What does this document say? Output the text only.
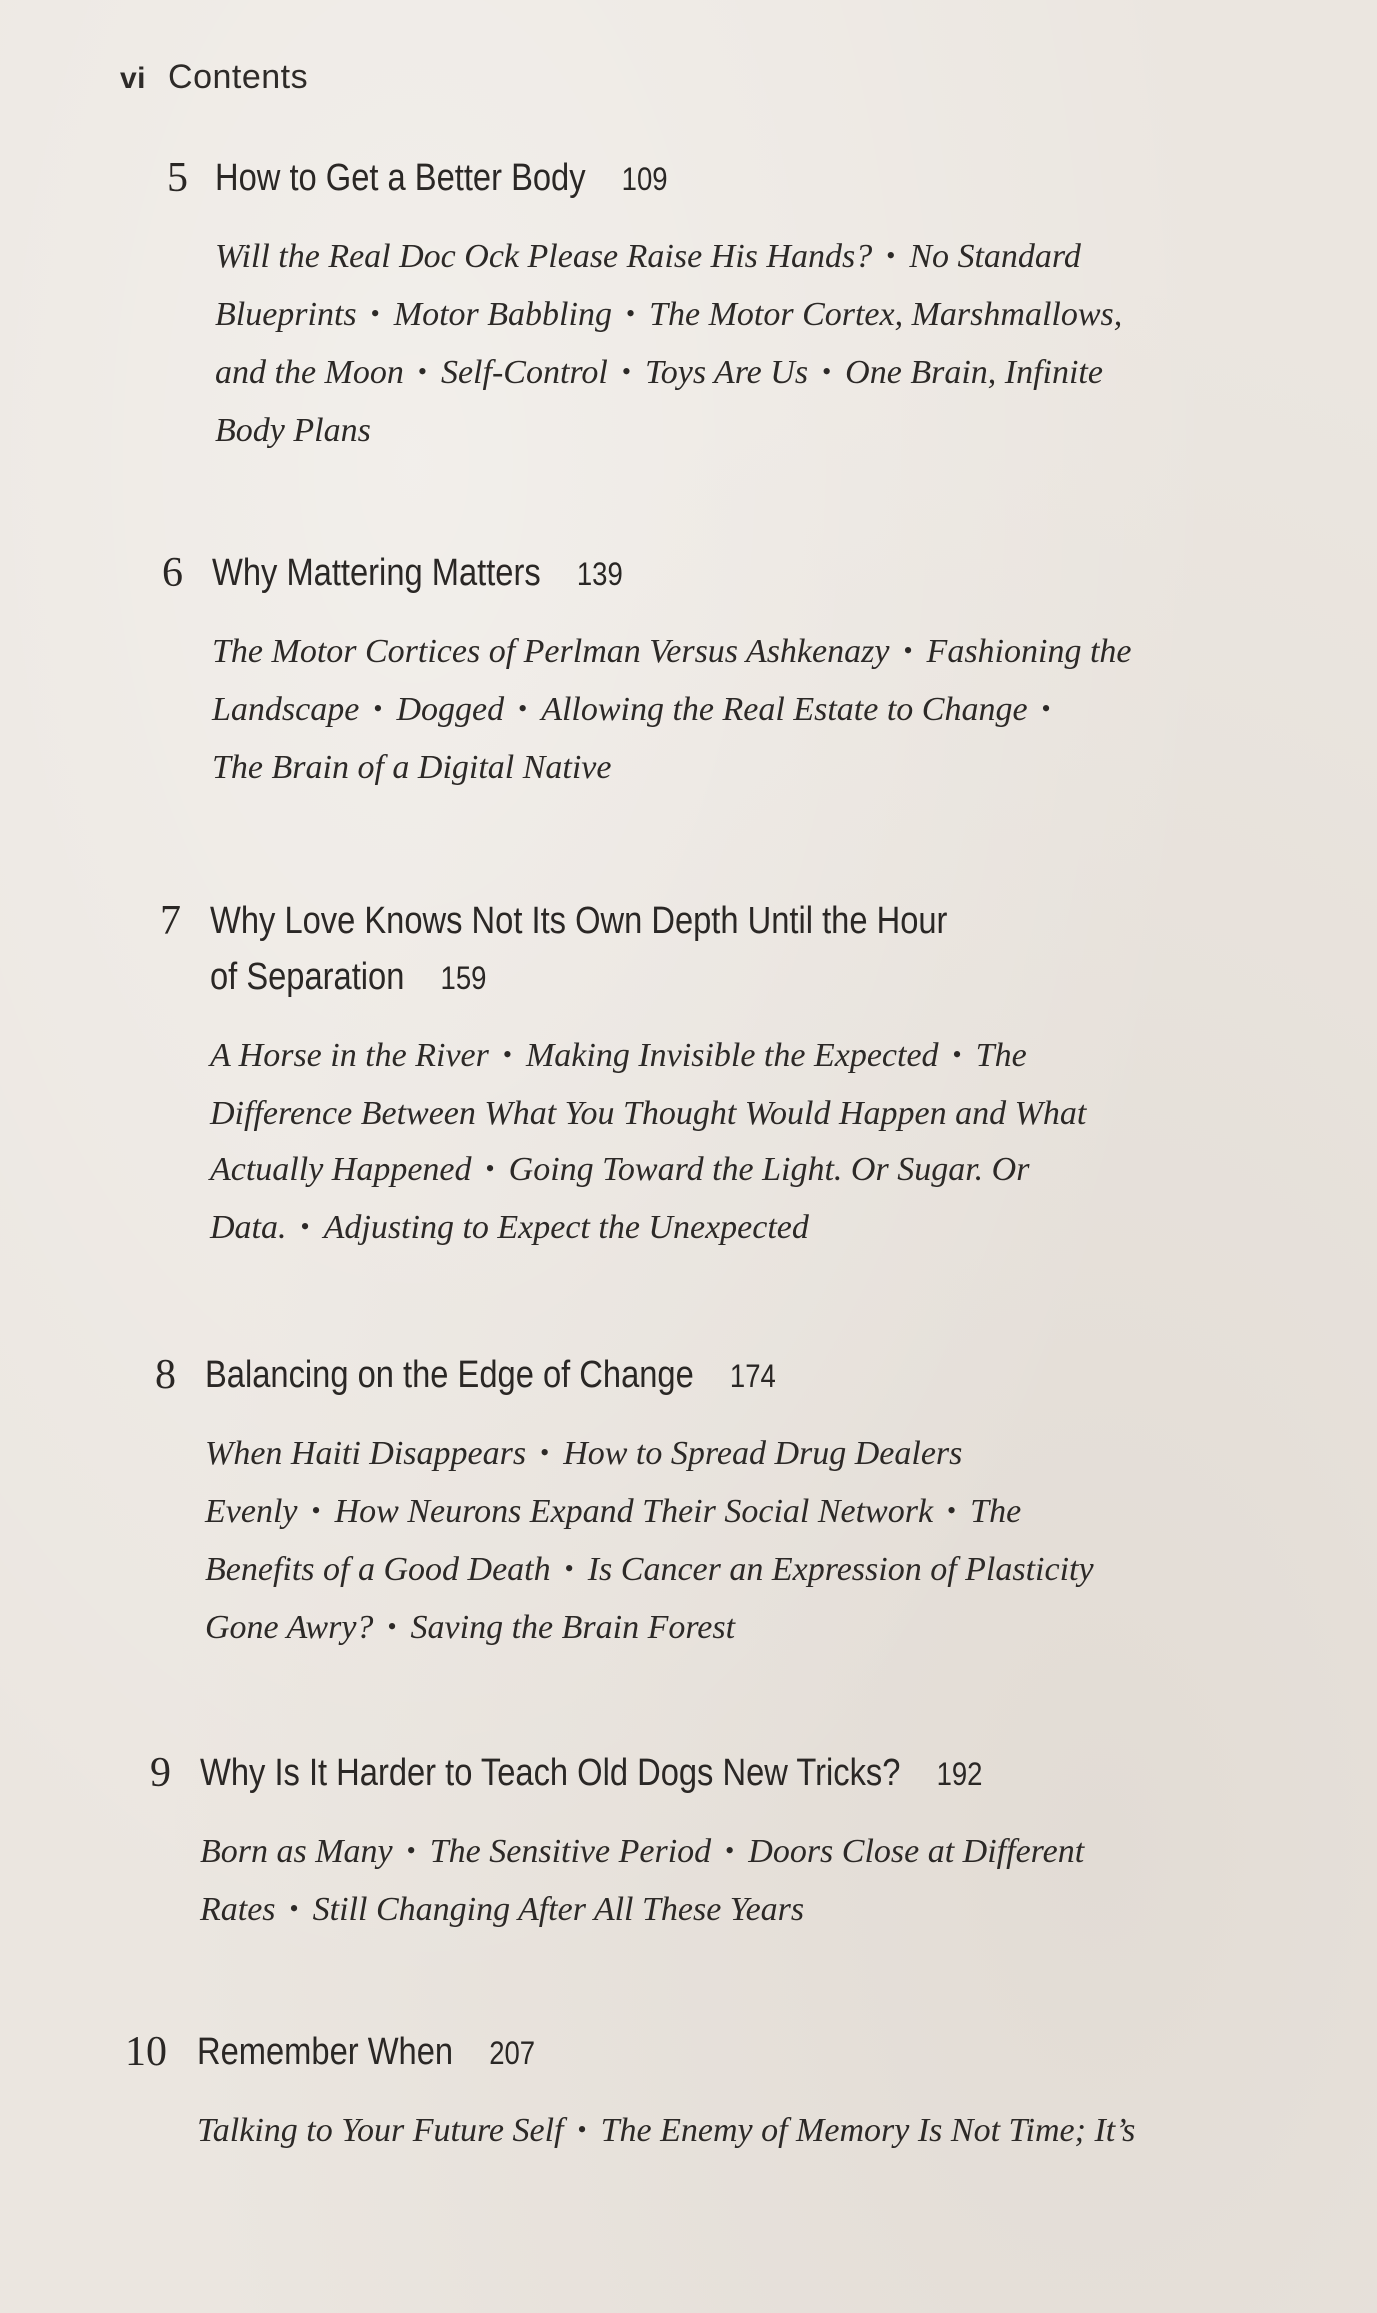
vi Contents
5 How to Get a Better Body 109
Will the Real Doc Ock Please Raise His Hands? • No Standard
Blueprints • Motor Babbling • The Motor Cortex, Marshmallows,
and the Moon • Self-Control • Toys Are Us • One Brain, Infinite
Body Plans
6 Why Mattering Matters 139
The Motor Cortices of Perlman Versus Ashkenazy • Fashioning the
Landscape • Dogged • Allowing the Real Estate to Change •
The Brain of a Digital Native
7 Why Love Knows Not Its Own Depth Until the Hour
of Separation 159
A Horse in the River • Making Invisible the Expected • The
Difference Between What You Thought Would Happen and What
Actually Happened • Going Toward the Light. Or Sugar. Or
Data. • Adjusting to Expect the Unexpected
8 Balancing on the Edge of Change 174
When Haiti Disappears • How to Spread Drug Dealers
Evenly • How Neurons Expand Their Social Network • The
Benefits of a Good Death • Is Cancer an Expression of Plasticity
Gone Awry? • Saving the Brain Forest
9 Why Is It Harder to Teach Old Dogs New Tricks? 192
Born as Many • The Sensitive Period • Doors Close at Different
Rates • Still Changing After All These Years
10 Remember When 207
Talking to Your Future Self • The Enemy of Memory Is Not Time; It’s
